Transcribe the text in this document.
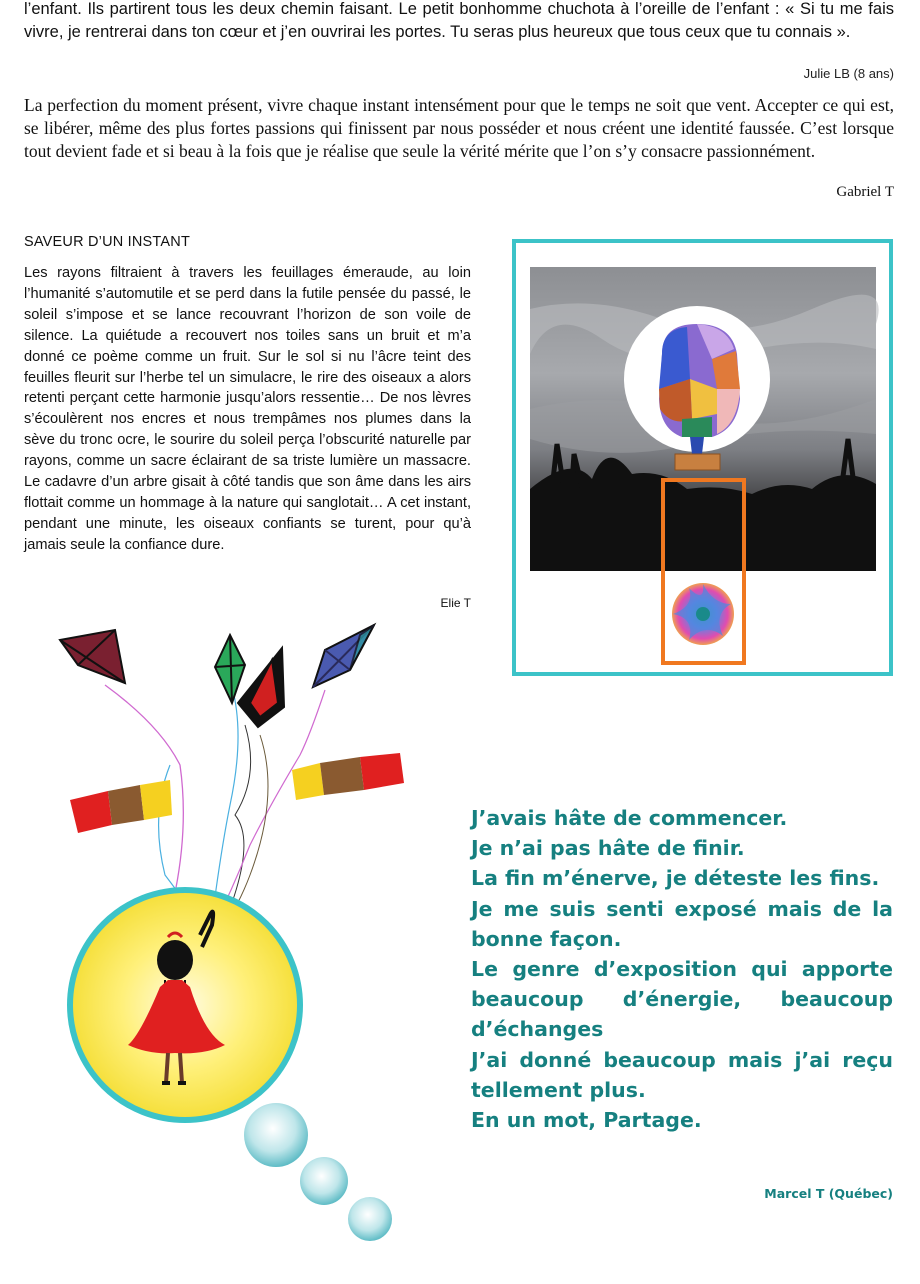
l’enfant. Ils partirent tous les deux chemin faisant. Le petit bonhomme chuchota à l’oreille de l’enfant : « Si tu me fais vivre, je rentrerai dans ton cœur et j’en ouvrirai les portes. Tu seras plus heureux que tous ceux que tu connais ».
Julie LB (8 ans)
La perfection du moment présent, vivre chaque instant intensément pour que le temps ne soit que vent. Accepter ce qui est, se libérer, même des plus fortes passions qui finissent par nous posséder et nous créent une identité faussée. C’est lorsque tout devient fade et si beau à la fois que je réalise que seule la vérité mérite que l’on s’y consacre passionnément.
Gabriel T
SAVEUR D’UN INSTANT
Les rayons filtraient à travers les feuillages émeraude, au loin l’humanité s’automutile et se perd dans la futile pensée du passé, le soleil s’impose et se lance recouvrant l’horizon de son voile de silence. La quiétude a recouvert nos toiles sans un bruit et m’a donné ce poème comme un fruit. Sur le sol si nu l’âcre teint des feuilles fleurit sur l’herbe tel un simulacre, le rire des oiseaux a alors retenti perçant cette harmonie jusqu’alors ressentie… De nos lèvres s’écoulèrent nos encres et nous trempâmes nos plumes dans la sève du tronc ocre, le sourire du soleil perça l’obscurité naturelle par rayons, comme un sacre éclairant de sa triste lumière un massacre. Le cadavre d’un arbre gisait à côté tandis que son âme dans les airs flottait comme un hommage à la nature qui sanglotait… A cet instant, pendant une minute, les oiseaux confiants se turent, pour qu’à jamais seule la confiance dure.
Elie T
J’avais hâte de commencer.
Je n’ai pas hâte de finir.
La fin m’énerve, je déteste les fins.
Je me suis senti exposé mais de la bonne façon.
Le genre d’exposition qui apporte beaucoup d’énergie, beaucoup d’échanges
J’ai donné beaucoup mais j’ai reçu tellement plus.
En un mot, Partage.
Marcel T (Québec)
